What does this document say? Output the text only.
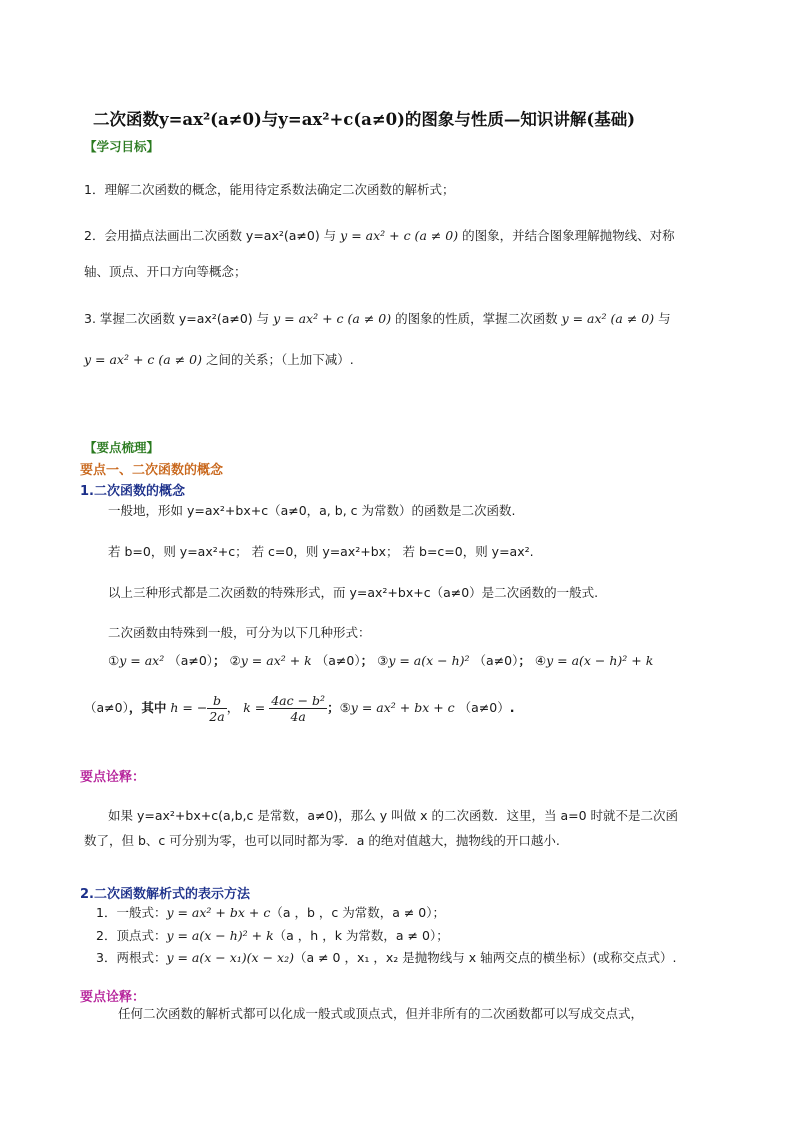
二次函数y=ax²(a≠0)与y=ax²+c(a≠0)的图象与性质—知识讲解(基础)
【学习目标】
1．理解二次函数的概念，能用待定系数法确定二次函数的解析式；
2．会用描点法画出二次函数 y=ax²(a≠0) 与 y = ax² + c (a ≠ 0) 的图象，并结合图象理解抛物线、对称
轴、顶点、开口方向等概念；
3. 掌握二次函数 y=ax²(a≠0) 与 y = ax² + c (a ≠ 0) 的图象的性质，掌握二次函数 y = ax² (a ≠ 0) 与
y = ax² + c (a ≠ 0) 之间的关系；（上加下减）.
【要点梳理】
要点一、二次函数的概念
1.二次函数的概念
一般地，形如 y=ax²+bx+c（a≠0，a, b, c 为常数）的函数是二次函数.
若 b=0，则 y=ax²+c； 若 c=0，则 y=ax²+bx； 若 b=c=0，则 y=ax².
以上三种形式都是二次函数的特殊形式，而 y=ax²+bx+c（a≠0）是二次函数的一般式.
二次函数由特殊到一般，可分为以下几种形式：
①y = ax² （a≠0）； ②y = ax² + k （a≠0）； ③y = a(x − h)² （a≠0）； ④y = a(x − h)² + k
（a≠0），其中 h = − $\frac{b}{2a}$ ， $k = \frac{\text{4ac − b²}}{4a}$ ；⑤y = ax² + bx + c （a≠0）.
要点诠释：
如果 y=ax²+bx+c(a,b,c 是常数，a≠0)，那么 y 叫做 x 的二次函数．这里，当 a=0 时就不是二次函
数了，但 b、c 可分别为零，也可以同时都为零．a 的绝对值越大，抛物线的开口越小.
2.二次函数解析式的表示方法
1．一般式：y = ax² + bx + c（a ，b ，c 为常数，a ≠ 0）；
2．顶点式：y = a(x − h)² + k（a ，h ，k 为常数，a ≠ 0）；
3．两根式：y = a(x − x₁)(x − x₂)（a ≠ 0 ，x₁ ，x₂ 是抛物线与 x 轴两交点的横坐标）(或称交点式）.
要点诠释：
任何二次函数的解析式都可以化成一般式或顶点式，但并非所有的二次函数都可以写成交点式，
